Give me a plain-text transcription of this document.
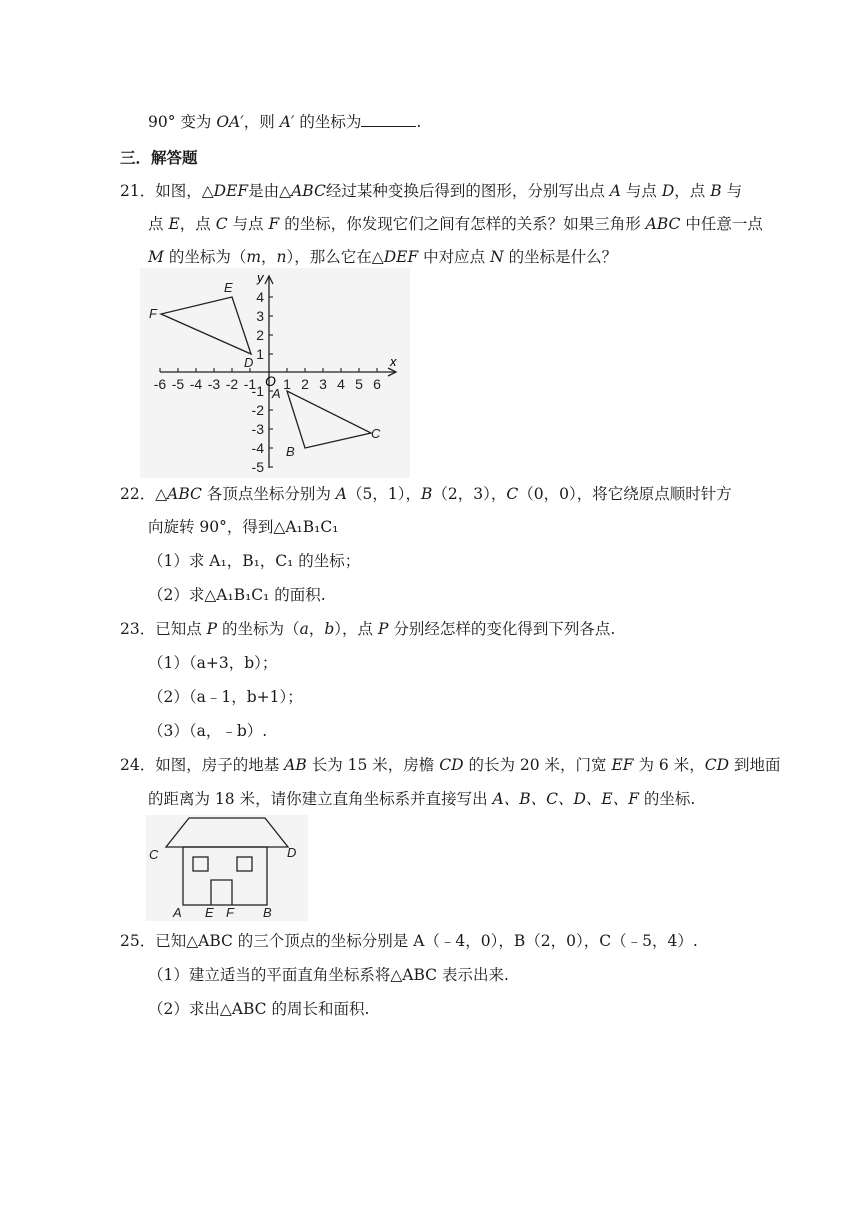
90° 变为 OA′，则 A′ 的坐标为	.
三．解答题
21．如图，△DEF是由△ABC经过某种变换后得到的图形，分别写出点 A 与点 D，点 B 与
点 E，点 C 与点 F 的坐标，你发现它们之间有怎样的关系？如果三角形 ABC 中任意一点
M 的坐标为（m，n），那么它在△DEF 中对应点 N 的坐标是什么？
x
y
O
-6 -5 -4 -3 -2 -1 1 2 3 4 5 6
1
2
3
4
-1
-2
-3
-4
-5
D
E
F
A
B
C
22．△ABC 各顶点坐标分别为 A（5，1），B（2，3），C（0，0），将它绕原点顺时针方
向旋转 90°，得到△A₁B₁C₁
（1）求 A₁，B₁，C₁ 的坐标；
（2）求△A₁B₁C₁ 的面积.
23．已知点 P 的坐标为（a，b），点 P 分别经怎样的变化得到下列各点.
（1）（a+3，b）；
（2）（a﹣1，b+1）；
（3）（a，﹣b）.
24．如图，房子的地基 AB 长为 15 米，房檐 CD 的长为 20 米，门宽 EF 为 6 米，CD 到地面
的距离为 18 米，请你建立直角坐标系并直接写出 A、B、C、D、E、F 的坐标.
C	D
A E F B
25．已知△ABC 的三个顶点的坐标分别是 A（﹣4，0），B（2，0），C（﹣5，4）.
（1）建立适当的平面直角坐标系将△ABC 表示出来.
（2）求出△ABC 的周长和面积.
